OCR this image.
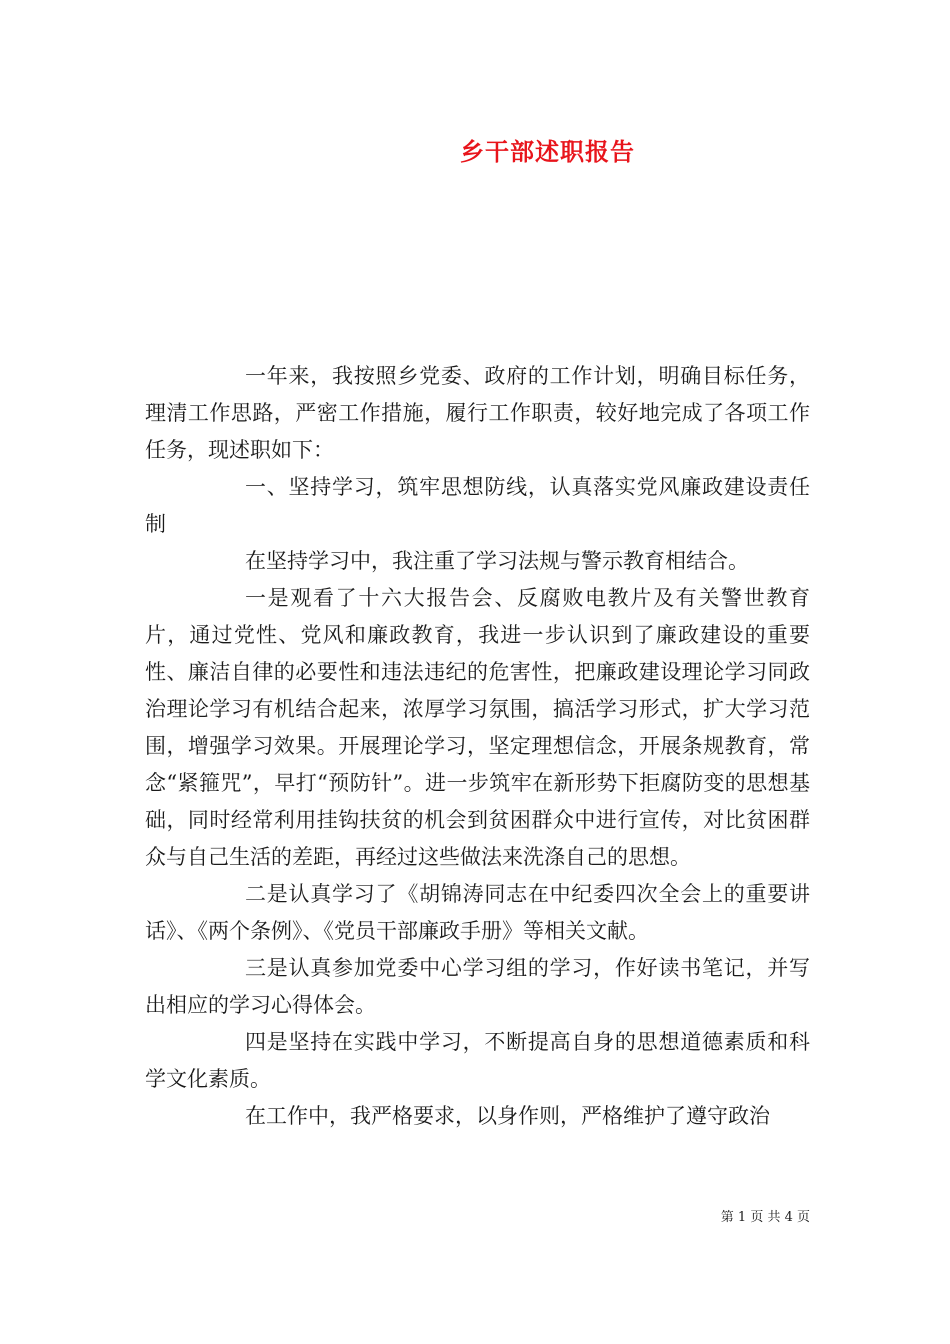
乡干部述职报告

一年来，我按照乡党委、政府的工作计划，明确目标任务，理清工作思路，严密工作措施，履行工作职责，较好地完成了各项工作任务，现述职如下：

一、坚持学习，筑牢思想防线，认真落实党风廉政建设责任制

在坚持学习中，我注重了学习法规与警示教育相结合。

一是观看了十六大报告会、反腐败电教片及有关警世教育片，通过党性、党风和廉政教育，我进一步认识到了廉政建设的重要性、廉洁自律的必要性和违法违纪的危害性，把廉政建设理论学习同政治理论学习有机结合起来，浓厚学习氛围，搞活学习形式，扩大学习范围，增强学习效果。开展理论学习，坚定理想信念，开展条规教育，常念“紧箍咒”，早打“预防针”。进一步筑牢在新形势下拒腐防变的思想基础，同时经常利用挂钩扶贫的机会到贫困群众中进行宣传，对比贫困群众与自己生活的差距，再经过这些做法来洗涤自己的思想。

二是认真学习了《胡锦涛同志在中纪委四次全会上的重要讲话》、《两个条例》、《党员干部廉政手册》等相关文献。

三是认真参加党委中心学习组的学习，作好读书笔记，并写出相应的学习心得体会。

四是坚持在实践中学习，不断提高自身的思想道德素质和科学文化素质。

在工作中，我严格要求，以身作则，严格维护了遵守政治

第 1 页 共 4 页
